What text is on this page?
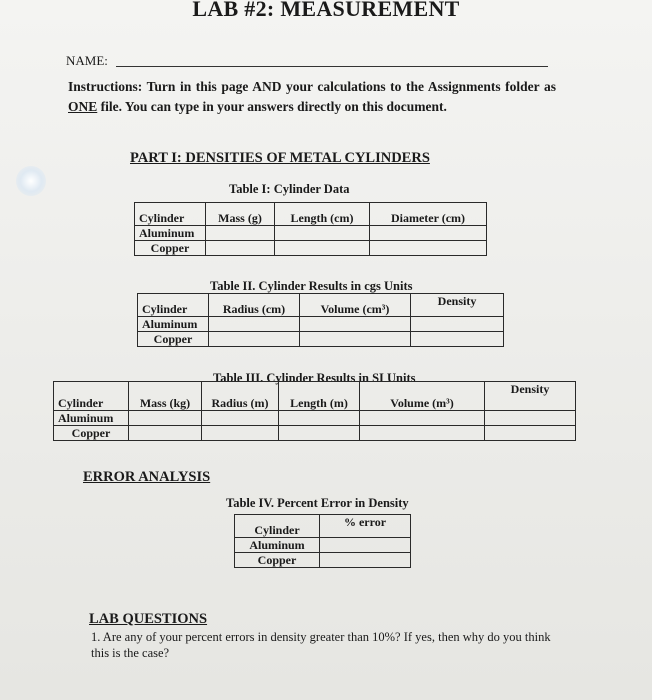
LAB #2: MEASUREMENT
NAME:
Instructions: Turn in this page AND your calculations to the Assignments folder as ONE file. You can type in your answers directly on this document.
PART I: DENSITIES OF METAL CYLINDERS
Table I: Cylinder Data
Cylinder	Mass (g)	Length (cm)	Diameter (cm)
Aluminum			
Copper			
Table II. Cylinder Results in cgs Units
Cylinder	Radius (cm)	Volume (cm³)	Density
Aluminum			
Copper			
Table III. Cylinder Results in SI Units
Cylinder	Mass (kg)	Radius (m)	Length (m)	Volume (m³)	Density
Aluminum					
Copper					
ERROR ANALYSIS
Table IV. Percent Error in Density
Cylinder	% error
Aluminum	
Copper	
LAB QUESTIONS
1. Are any of your percent errors in density greater than 10%? If yes, then why do you think this is the case?
